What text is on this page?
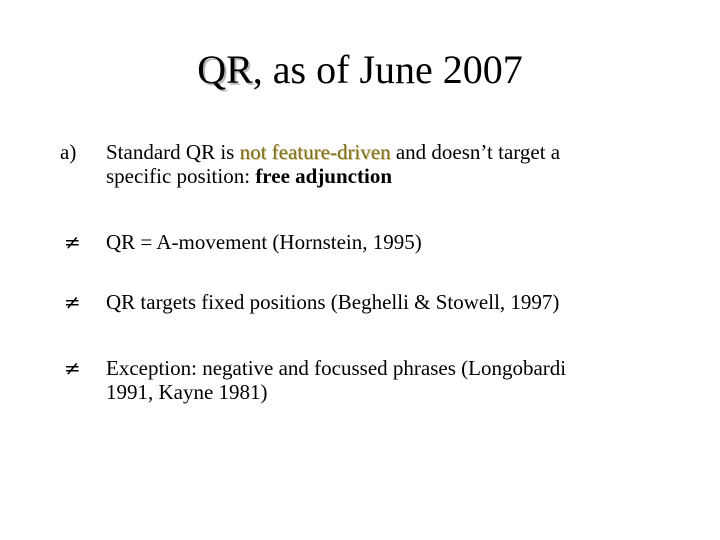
QR, as of June 2007
a) Standard QR is not feature-driven and doesn’t target a
specific position: free adjunction
≠ QR = A-movement (Hornstein, 1995)
≠ QR targets fixed positions (Beghelli & Stowell, 1997)
≠ Exception: negative and focussed phrases (Longobardi
1991, Kayne 1981)
